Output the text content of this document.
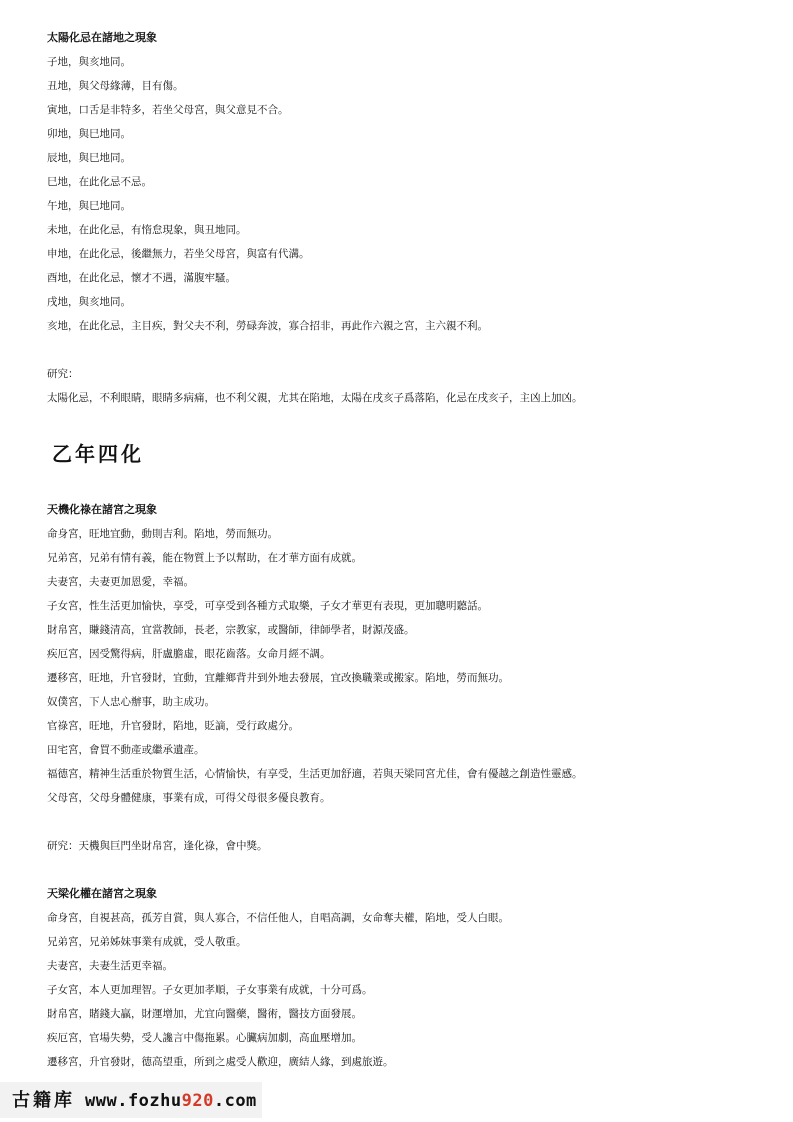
太陽化忌在諸地之現象
子地，與亥地同。
丑地，與父母緣薄，目有傷。
寅地，口舌是非特多，若坐父母宮，與父意見不合。
卯地，與巳地同。
辰地，與巳地同。
巳地，在此化忌不忌。
午地，與巳地同。
未地，在此化忌，有惰怠現象，與丑地同。
申地，在此化忌，後繼無力，若坐父母宮，與富有代溝。
酉地，在此化忌，懷才不遇，滿腹牢騷。
戌地，與亥地同。
亥地，在此化忌，主目疾，對父夫不利，勞碌奔波，寡合招非，再此作六親之宮，主六親不利。
研究：
太陽化忌，不利眼睛，眼睛多病痛，也不利父親，尤其在陷地，太陽在戌亥子爲落陷，化忌在戌亥子，主凶上加凶。
乙年四化
天機化祿在諸宮之現象
命身宮，旺地宜動，動則吉利。陷地，勞而無功。
兄弟宮，兄弟有情有義，能在物質上予以幫助，在才華方面有成就。
夫妻宮，夫妻更加恩愛，幸福。
子女宮，性生活更加愉快，享受，可享受到各種方式取樂，子女才華更有表現，更加聰明聽話。
財帛宮，賺錢清高，宜當教師，長老，宗教家，或醫師，律師學者，財源茂盛。
疾厄宮，因受驚得病，肝盧膽虛，眼花齒落。女命月經不調。
遷移宮，旺地，升官發財，宜動，宜離鄉背井到外地去發展，宜改換職業或搬家。陷地，勞而無功。
奴僕宮，下人忠心辦事，助主成功。
官祿宮，旺地，升官發財，陷地，貶謫，受行政處分。
田宅宮，會買不動產或繼承遺產。
福德宮，精神生活重於物質生活，心情愉快，有享受，生活更加舒適，若與天梁同宮尤佳，會有優越之創造性靈感。
父母宮，父母身體健康，事業有成，可得父母很多優良教育。
研究：天機與巨門坐財帛宮，逢化祿，會中獎。
天梁化權在諸宮之現象
命身宮，自視甚高，孤芳自賞，與人寡合，不信任他人，自唱高調，女命奪夫權，陷地，受人白眼。
兄弟宮，兄弟姊妹事業有成就，受人敬重。
夫妻宮，夫妻生活更幸福。
子女宮，本人更加理智。子女更加孝順，子女事業有成就，十分可爲。
財帛宮，賭錢大贏，財運增加，尤宜向醫藥，醫術，醫技方面發展。
疾厄宮，官場失勢，受人讒言中傷拖累。心臟病加劇，高血壓增加。
遷移宮，升官發財，德高望重，所到之處受人歡迎，廣結人緣，到處旅遊。
古籍库 www.fozhu920.com
